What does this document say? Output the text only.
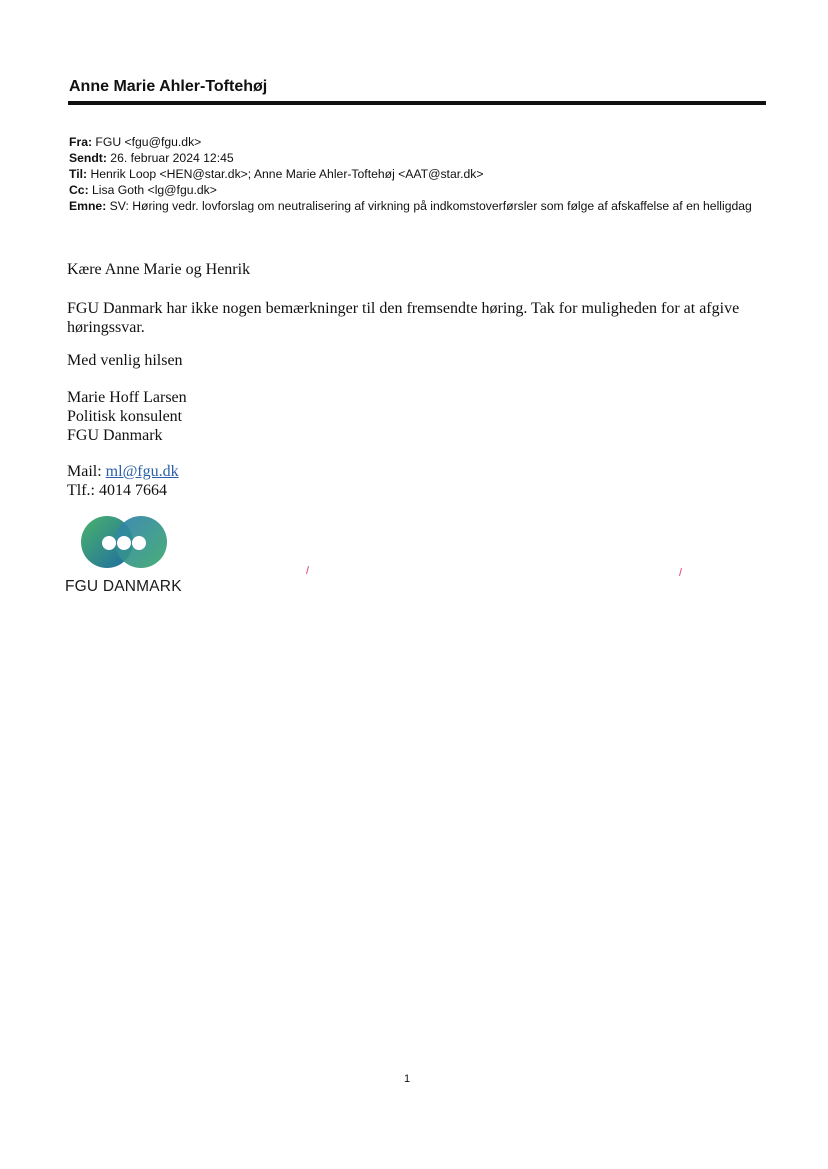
Anne Marie Ahler-Toftehøj
Fra: FGU <fgu@fgu.dk>
Sendt: 26. februar 2024 12:45
Til: Henrik Loop <HEN@star.dk>; Anne Marie Ahler-Toftehøj <AAT@star.dk>
Cc: Lisa Goth <lg@fgu.dk>
Emne: SV: Høring vedr. lovforslag om neutralisering af virkning på indkomstoverførsler som følge af afskaffelse af en helligdag
Kære Anne Marie og Henrik
FGU Danmark har ikke nogen bemærkninger til den fremsendte høring. Tak for muligheden for at afgive høringssvar.
Med venlig hilsen
Marie Hoff Larsen
Politisk konsulent
FGU Danmark
Mail: ml@fgu.dk
Tlf.: 4014 7664
FGU DANMARK
1
